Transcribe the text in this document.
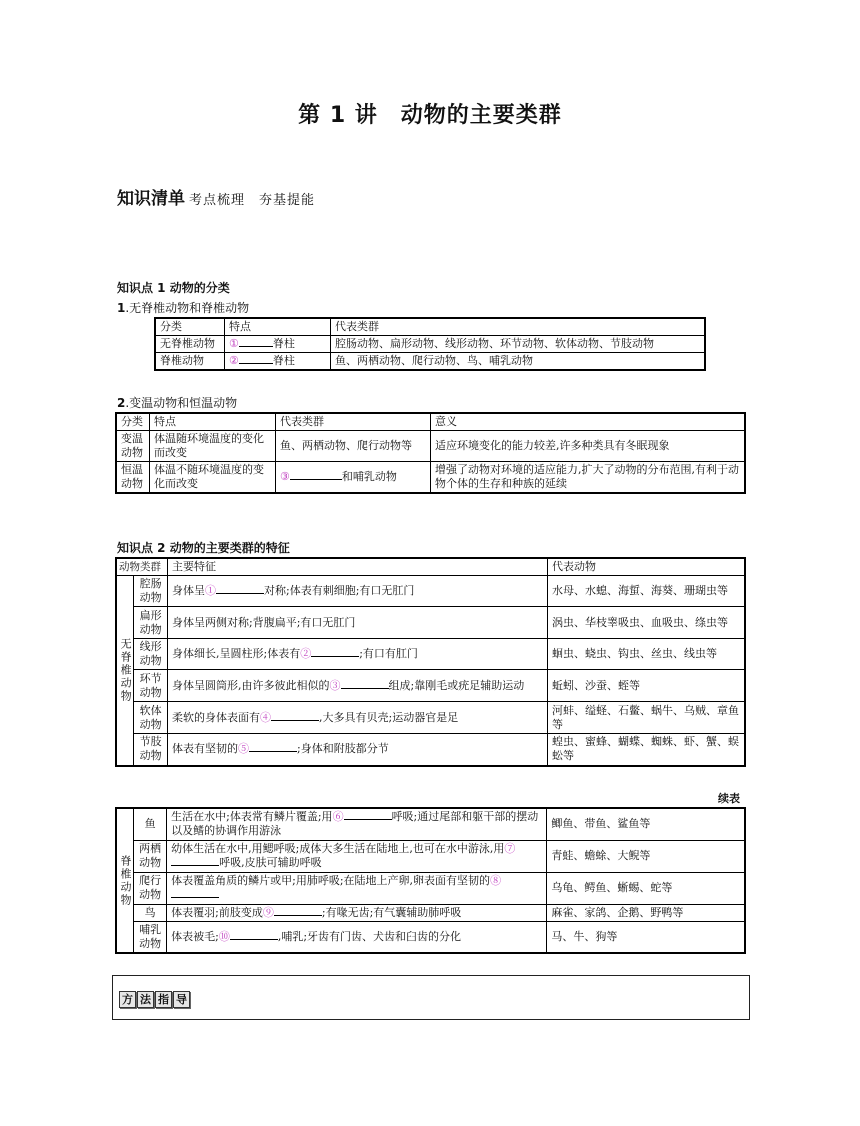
第 1 讲　动物的主要类群
知识清单 考点梳理　夯基提能
知识点 1 动物的分类
1.无脊椎动物和脊椎动物
分类	特点	代表类群
无脊椎动物	① 脊柱	腔肠动物、扁形动物、线形动物、环节动物、软体动物、节肢动物
脊椎动物	② 脊柱	鱼、两栖动物、爬行动物、鸟、哺乳动物
2.变温动物和恒温动物
分类	特点	代表类群	意义
变温动物	体温随环境温度的变化而改变	鱼、两栖动物、爬行动物等	适应环境变化的能力较差,许多种类具有冬眠现象
恒温动物	体温不随环境温度的变化而改变	③ 和哺乳动物	增强了动物对环境的适应能力,扩大了动物的分布范围,有利于动物个体的生存和种族的延续
知识点 2 动物的主要类群的特征
动物类群		主要特征	代表动物
无脊椎动物	腔肠动物	身体呈① 对称;体表有刺细胞;有口无肛门	水母、水螅、海蜇、海葵、珊瑚虫等
	扁形动物	身体呈两侧对称;背腹扁平;有口无肛门	涡虫、华枝睾吸虫、血吸虫、绦虫等
	线形动物	身体细长,呈圆柱形;体表有② ;有口有肛门	蛔虫、蛲虫、钩虫、丝虫、线虫等
	环节动物	身体呈圆筒形,由许多彼此相似的③ 组成;靠刚毛或疣足辅助运动	蚯蚓、沙蚕、蛭等
	软体动物	柔软的身体表面有④ ,大多具有贝壳;运动器官是足	河蚌、缢蛏、石鳖、蜗牛、乌贼、章鱼等
	节肢动物	体表有坚韧的⑤ ;身体和附肢都分节	蝗虫、蜜蜂、蝴蝶、蜘蛛、虾、蟹、蜈蚣等
续表
脊椎动物	鱼	生活在水中;体表常有鳞片覆盖;用⑥ 呼吸;通过尾部和躯干部的摆动以及鳍的协调作用游泳	鲫鱼、带鱼、鲨鱼等
	两栖动物	幼体生活在水中,用鳃呼吸;成体大多生活在陆地上,也可在水中游泳,用⑦呼吸,皮肤可辅助呼吸	青蛙、蟾蜍、大鲵等
	爬行动物	体表覆盖角质的鳞片或甲;用肺呼吸;在陆地上产卵,卵表面有坚韧的⑧	乌龟、鳄鱼、蜥蜴、蛇等
	鸟	体表覆羽;前肢变成⑨ ;有喙无齿;有气囊辅助肺呼吸	麻雀、家鸽、企鹅、野鸭等
	哺乳动物	体表被毛;⑩ ,哺乳;牙齿有门齿、犬齿和臼齿的分化	马、牛、狗等
方 法 指 导
